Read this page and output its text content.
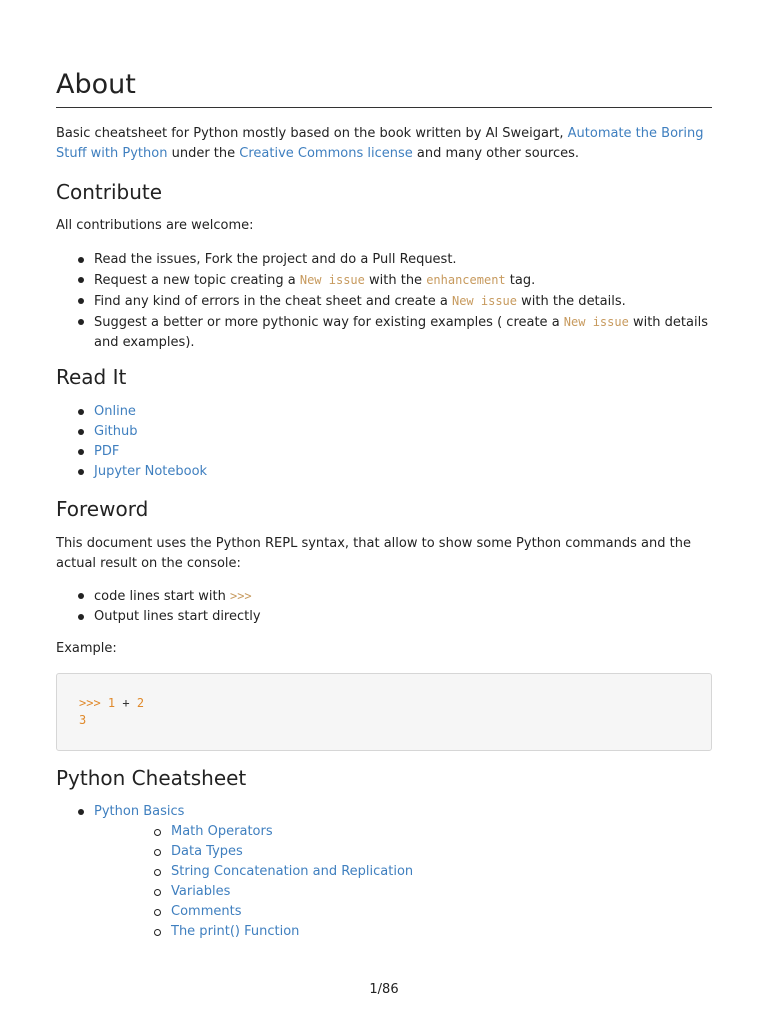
About

Basic cheatsheet for Python mostly based on the book written by Al Sweigart, Automate the Boring Stuff with Python under the Creative Commons license and many other sources.

Contribute

All contributions are welcome:

Read the issues, Fork the project and do a Pull Request.
Request a new topic creating a New issue with the enhancement tag.
Find any kind of errors in the cheat sheet and create a New issue with the details.
Suggest a better or more pythonic way for existing examples ( create a New issue with details and examples).
Read It
Online
Github
PDF
Jupyter Notebook
Foreword

This document uses the Python REPL syntax, that allow to show some Python commands and the actual result on the console:

code lines start with >>>
Output lines start directly

Example:

>>> 1 + 2
3
Python Cheatsheet
Python Basics
Math Operators
Data Types
String Concatenation and Replication
Variables
Comments
The print() Function
1/86
